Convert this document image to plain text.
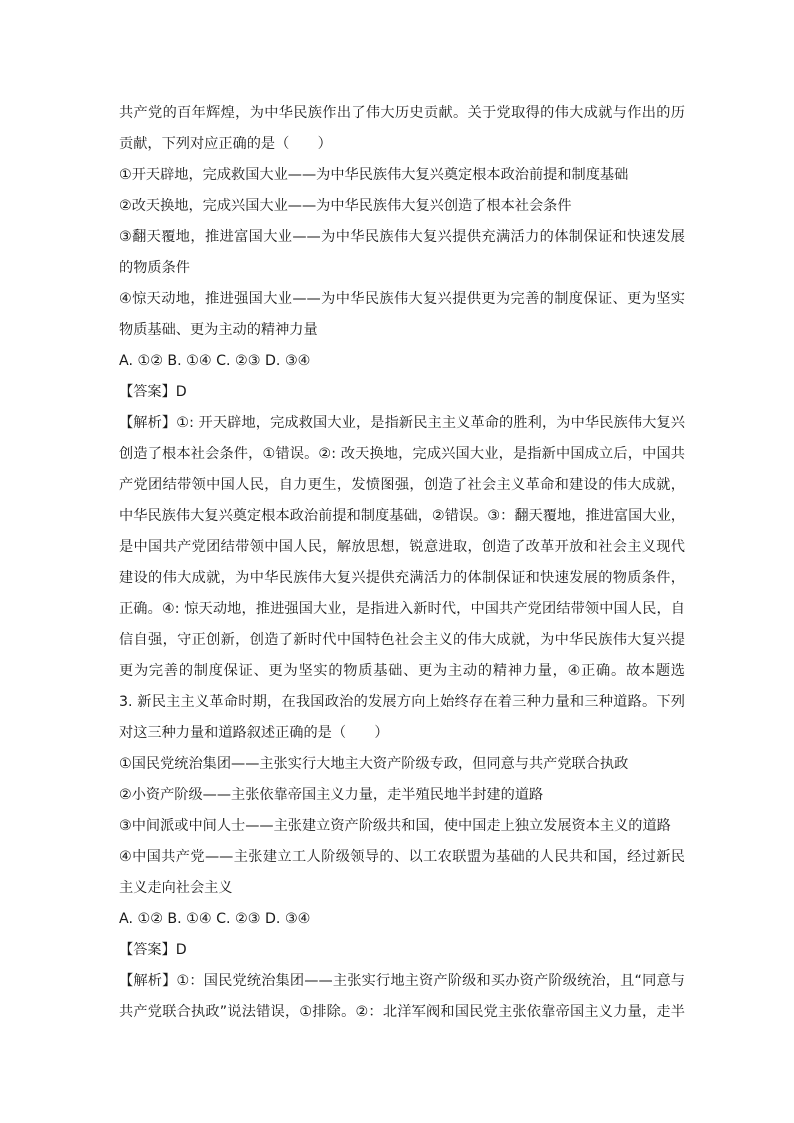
共产党的百年辉煌，为中华民族作出了伟大历史贡献。关于党取得的伟大成就与作出的历
贡献，下列对应正确的是（　　）
①开天辟地，完成救国大业——为中华民族伟大复兴奠定根本政治前提和制度基础
②改天换地，完成兴国大业——为中华民族伟大复兴创造了根本社会条件
③翻天覆地，推进富国大业——为中华民族伟大复兴提供充满活力的体制保证和快速发展
的物质条件
④惊天动地，推进强国大业——为中华民族伟大复兴提供更为完善的制度保证、更为坚实
物质基础、更为主动的精神力量
A. ①② B. ①④ C. ②③ D. ③④
【答案】D
【解析】①: 开天辟地，完成救国大业，是指新民主主义革命的胜利，为中华民族伟大复兴
创造了根本社会条件，①错误。②: 改天换地，完成兴国大业，是指新中国成立后，中国共
产党团结带领中国人民，自力更生，发愤图强，创造了社会主义革命和建设的伟大成就，
中华民族伟大复兴奠定根本政治前提和制度基础，②错误。③：翻天覆地，推进富国大业，
是中国共产党团结带领中国人民，解放思想，锐意进取，创造了改革开放和社会主义现代
建设的伟大成就，为中华民族伟大复兴提供充满活力的体制保证和快速发展的物质条件，
正确。④: 惊天动地，推进强国大业，是指进入新时代，中国共产党团结带领中国人民，自
信自强，守正创新，创造了新时代中国特色社会主义的伟大成就，为中华民族伟大复兴提
更为完善的制度保证、更为坚实的物质基础、更为主动的精神力量，④正确。故本题选
3. 新民主主义革命时期，在我国政治的发展方向上始终存在着三种力量和三种道路。下列
对这三种力量和道路叙述正确的是（　　）
①国民党统治集团——主张实行大地主大资产阶级专政，但同意与共产党联合执政
②小资产阶级——主张依靠帝国主义力量，走半殖民地半封建的道路
③中间派或中间人士——主张建立资产阶级共和国，使中国走上独立发展资本主义的道路
④中国共产党——主张建立工人阶级领导的、以工农联盟为基础的人民共和国，经过新民
主义走向社会主义
A. ①② B. ①④ C. ②③ D. ③④
【答案】D
【解析】①：国民党统治集团——主张实行地主资产阶级和买办资产阶级统治，且“同意与
共产党联合执政”说法错误，①排除。②：北洋军阀和国民党主张依靠帝国主义力量，走半
